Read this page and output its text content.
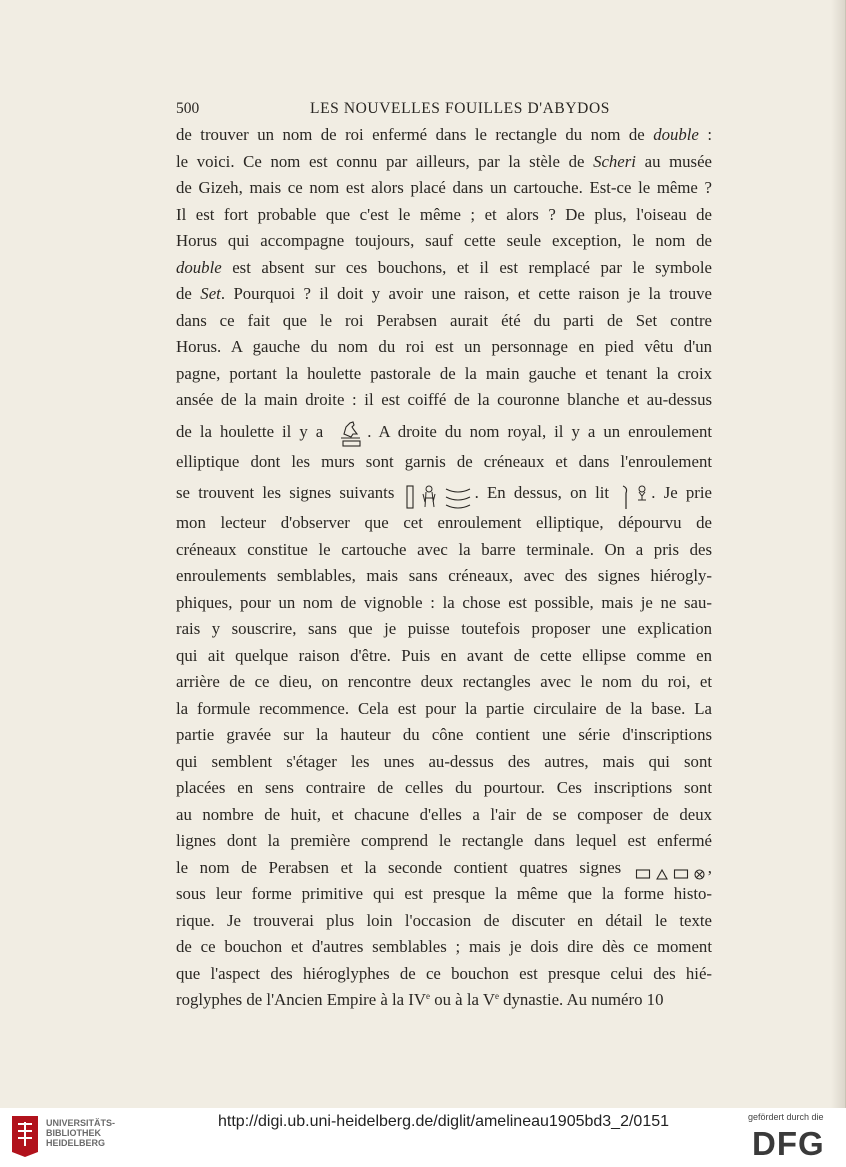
500	LES NOUVELLES FOUILLES D'ABYDOS
de trouver un nom de roi enfermé dans le rectangle du nom de double :
le voici. Ce nom est connu par ailleurs, par la stèle de Scheri au musée
de Gizeh, mais ce nom est alors placé dans un cartouche. Est-ce le même ?
Il est fort probable que c'est le même ; et alors ? De plus, l'oiseau de
Horus qui accompagne toujours, sauf cette seule exception, le nom de
double est absent sur ces bouchons, et il est remplacé par le symbole
de Set. Pourquoi ? il doit y avoir une raison, et cette raison je la trouve
dans ce fait que le roi Perabsen aurait été du parti de Set contre
Horus. A gauche du nom du roi est un personnage en pied vêtu d'un
pagne, portant la houlette pastorale de la main gauche et tenant la croix
ansée de la main droite : il est coiffé de la couronne blanche et au-dessus
de la houlette il y a	. A droite du nom royal, il y a un enroulement
elliptique dont les murs sont garnis de créneaux et dans l'enroulement
se trouvent les signes suivants	. En dessus, on lit	. Je prie
mon lecteur d'observer que cet enroulement elliptique, dépourvu de
créneaux constitue le cartouche avec la barre terminale. On a pris des
enroulements semblables, mais sans créneaux, avec des signes hiérogly-
phiques, pour un nom de vignoble : la chose est possible, mais je ne sau-
rais y souscrire, sans que je puisse toutefois proposer une explication
qui ait quelque raison d'être. Puis en avant de cette ellipse comme en
arrière de ce dieu, on rencontre deux rectangles avec le nom du roi, et
la formule recommence. Cela est pour la partie circulaire de la base. La
partie gravée sur la hauteur du cône contient une série d'inscriptions
qui semblent s'étager les unes au-dessus des autres, mais qui sont
placées en sens contraire de celles du pourtour. Ces inscriptions sont
au nombre de huit, et chacune d'elles a l'air de se composer de deux
lignes dont la première comprend le rectangle dans lequel est enfermé
le nom de Perabsen et la seconde contient quatres signes	,
sous leur forme primitive qui est presque la même que la forme histo-
rique. Je trouverai plus loin l'occasion de discuter en détail le texte
de ce bouchon et d'autres semblables ; mais je dois dire dès ce moment
que l'aspect des hiéroglyphes de ce bouchon est presque celui des hié-
roglyphes de l'Ancien Empire à la IVe ou à la Ve dynastie. Au numéro 10
UNIVERSITÄTS-
BIBLIOTHEK
HEIDELBERG
http://digi.ub.uni-heidelberg.de/diglit/amelineau1905bd3_2/0151	gefördert durch die
DFG
